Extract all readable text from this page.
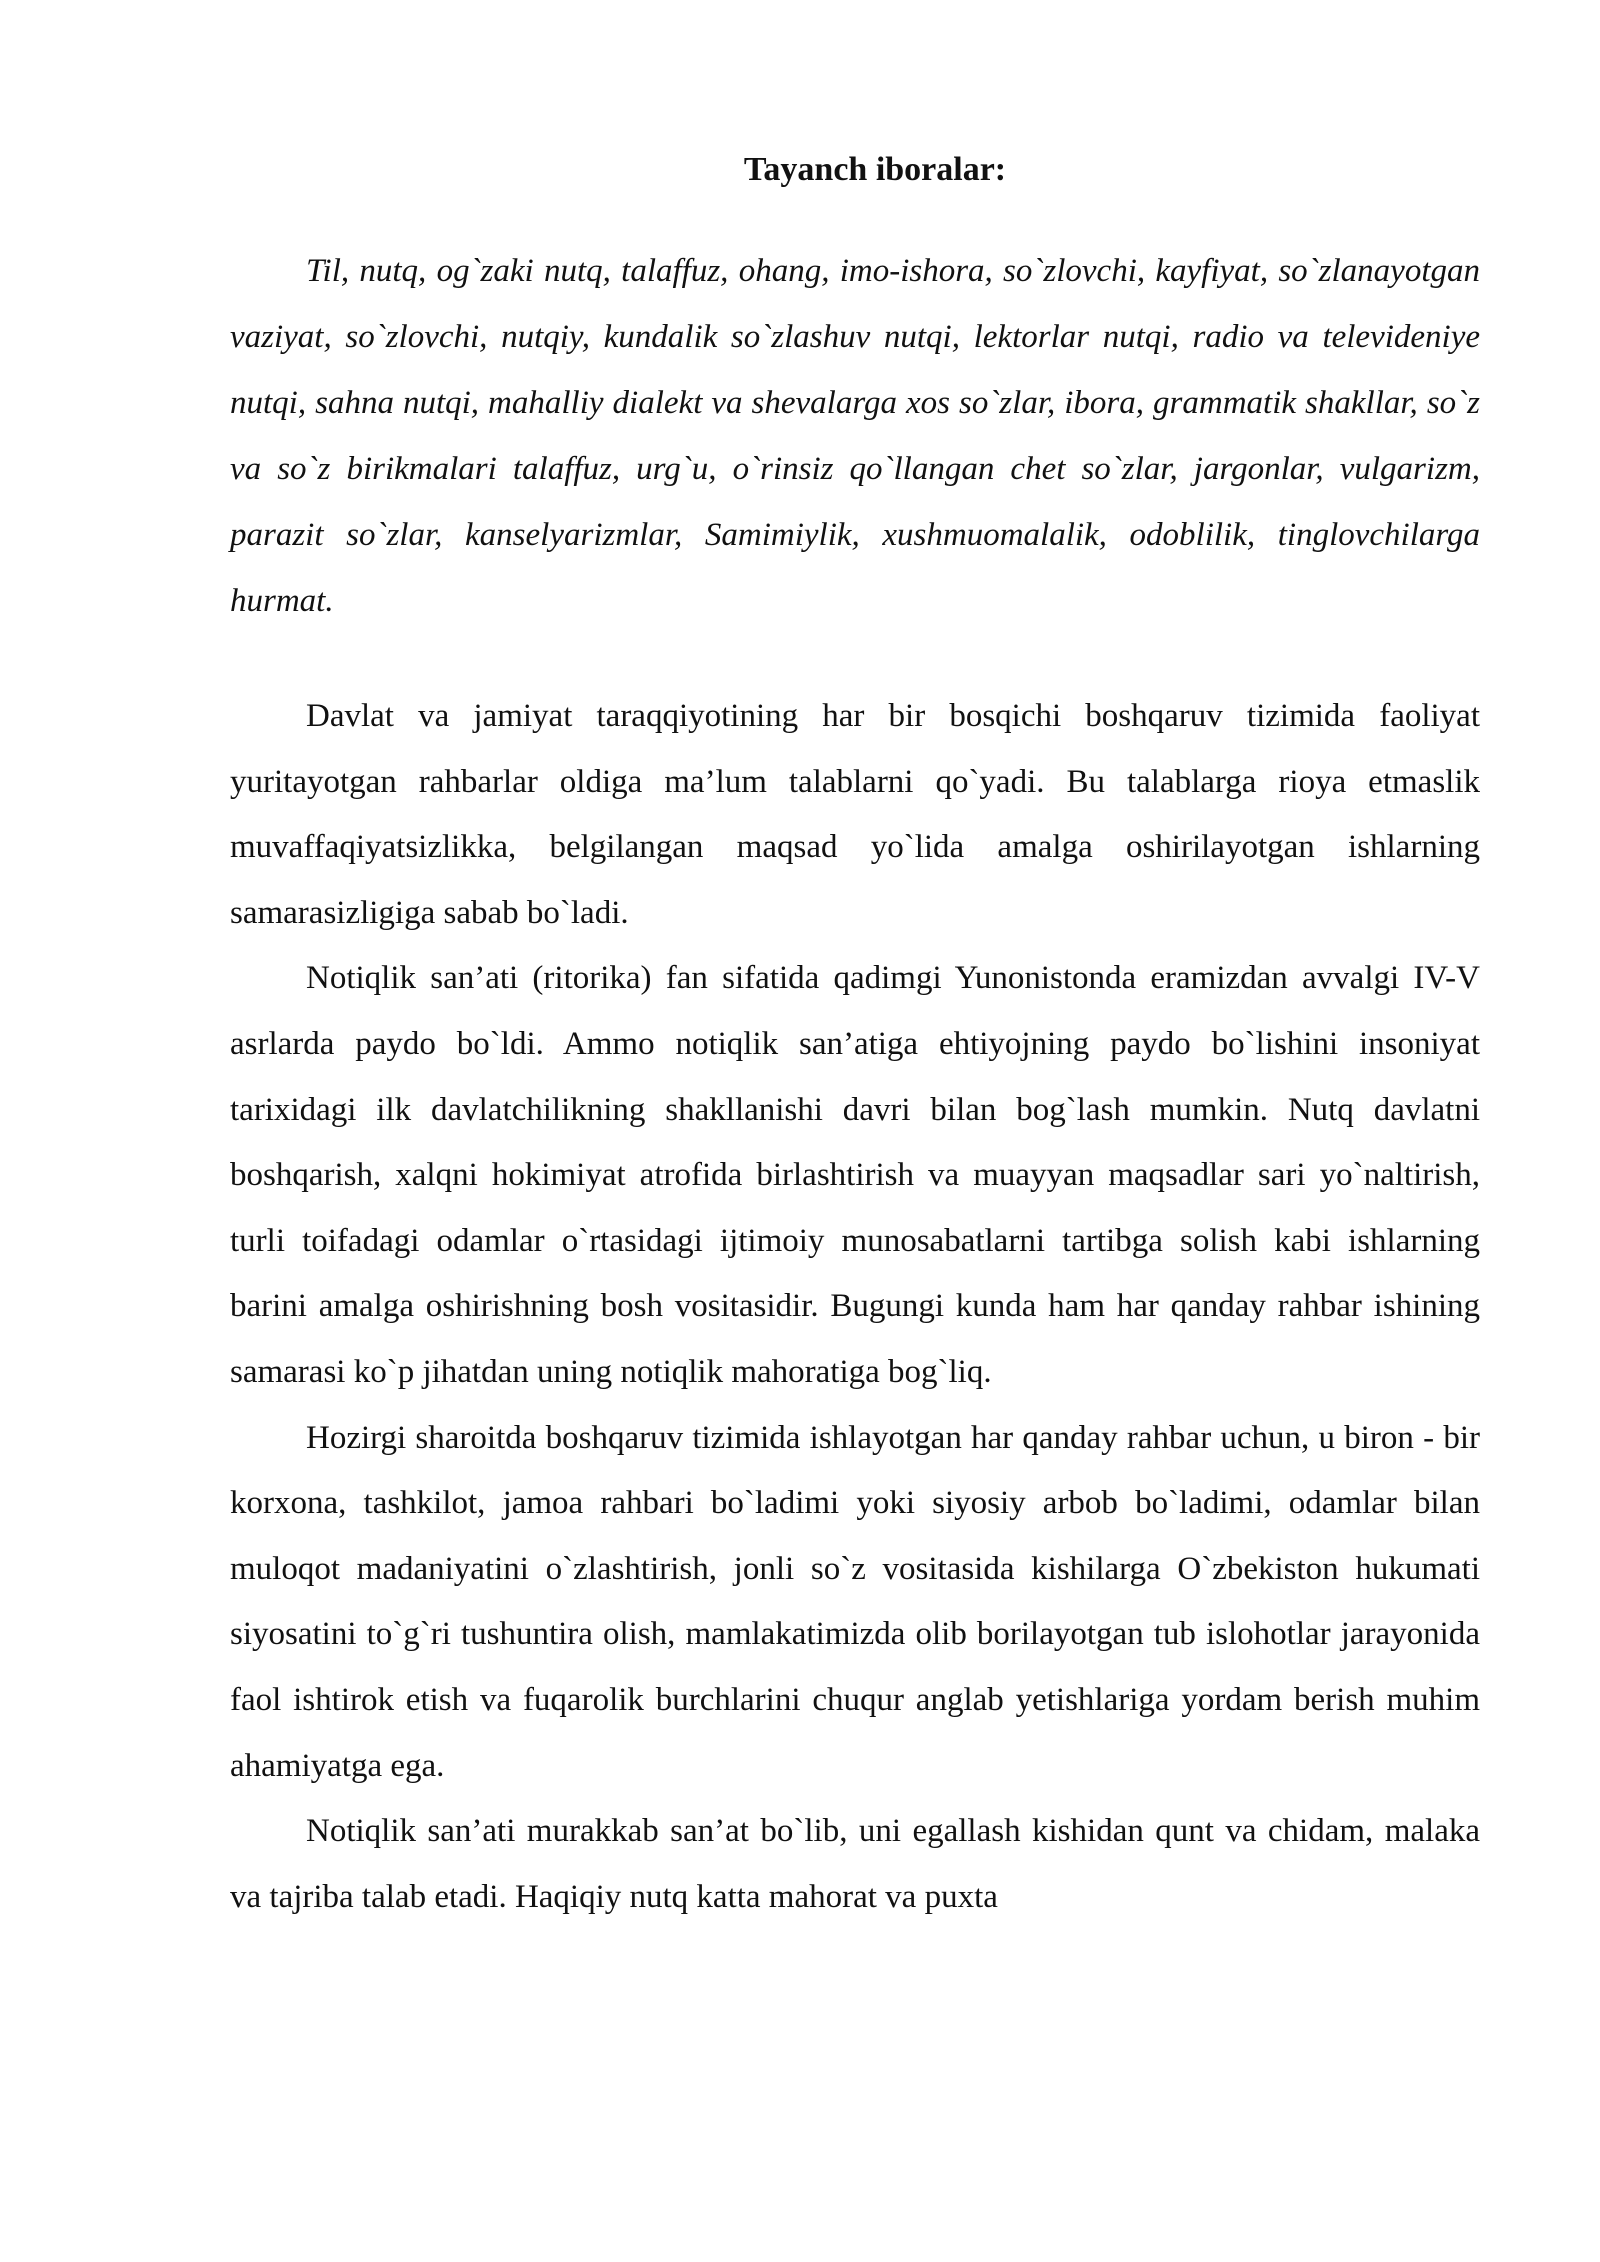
Tayanch iboralar:

Til, nutq, og`zaki nutq, talaffuz, ohang, imo-ishora, so`zlovchi, kayfiyat, so`zlanayotgan vaziyat, so`zlovchi, nutqiy, kundalik so`zlashuv nutqi, lektorlar nutqi, radio va televideniye nutqi, sahna nutqi, mahalliy dialekt va shevalarga xos so`zlar, ibora, grammatik shakllar, so`z va so`z birikmalari talaffuz, urg`u, o`rinsiz qo`llangan chet so`zlar, jargonlar, vulgarizm, parazit so`zlar, kanselyarizmlar, Samimiylik, xushmuomalalik, odoblilik, tinglovchilarga hurmat.

Davlat va jamiyat taraqqiyotining har bir bosqichi boshqaruv tizimida faoliyat yuritayotgan rahbarlar oldiga ma’lum talablarni qo`yadi. Bu talablarga rioya etmaslik muvaffaqiyatsizlikka, belgilangan maqsad yo`lida amalga oshirilayotgan ishlarning samarasizligiga sabab bo`ladi.

Notiqlik san’ati (ritorika) fan sifatida qadimgi Yunonistonda eramizdan avvalgi IV-V asrlarda paydo bo`ldi. Ammo notiqlik san’atiga ehtiyojning paydo bo`lishini insoniyat tarixidagi ilk davlatchilikning shakllanishi davri bilan bog`lash mumkin. Nutq davlatni boshqarish, xalqni hokimiyat atrofida birlashtirish va muayyan maqsadlar sari yo`naltirish, turli toifadagi odamlar o`rtasidagi ijtimoiy munosabatlarni tartibga solish kabi ishlarning barini amalga oshirishning bosh vositasidir. Bugungi kunda ham har qanday rahbar ishining samarasi ko`p jihatdan uning notiqlik mahoratiga bog`liq.

Hozirgi sharoitda boshqaruv tizimida ishlayotgan har qanday rahbar uchun, u biron - bir korxona, tashkilot, jamoa rahbari bo`ladimi yoki siyosiy arbob bo`ladimi, odamlar bilan muloqot madaniyatini o`zlashtirish, jonli so`z vositasida kishilarga O`zbekiston hukumati siyosatini to`g`ri tushuntira olish, mamlakatimizda olib borilayotgan tub islohotlar jarayonida faol ishtirok etish va fuqarolik burchlarini chuqur anglab yetishlariga yordam berish muhim ahamiyatga ega.

Notiqlik san’ati murakkab san’at bo`lib, uni egallash kishidan qunt va chidam, malaka va tajriba talab etadi. Haqiqiy nutq katta mahorat va puxta
